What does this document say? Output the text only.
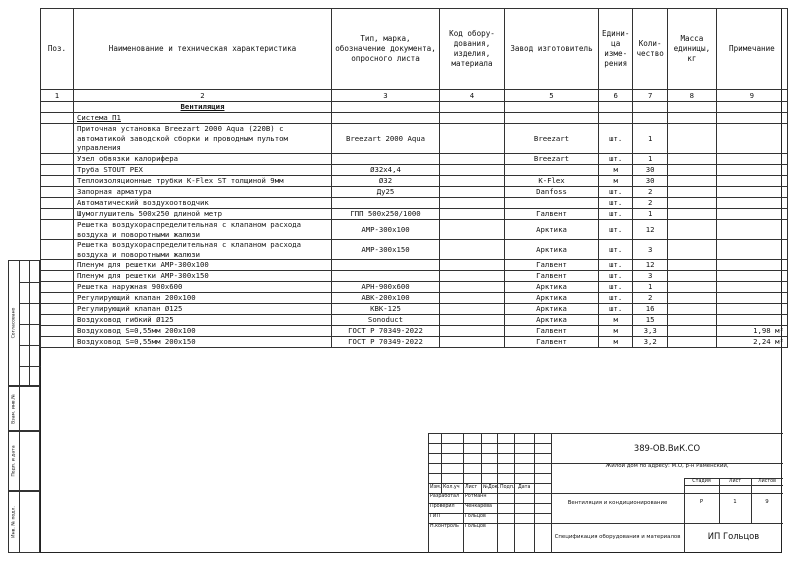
Поз.	Наименование и техническая характеристика	Тип, марка, обозначение документа, опросного листа	Код обору- дования, изделия, материала	Завод изготовитель	Едини- ца изме- рения	Коли- чество	Масса единицы, кг	Примечание
1	2	3	4	5	6	7	8	9
	Вентиляция							
	Система П1							
	Приточная установка Breezart 2000 Aqua (220В) с автоматикой заводской сборки и проводным пультом управления	Breezart 2000 Aqua		Breezart	шт.	1		
	Узел обвязки калорифера			Breezart	шт.	1		
	Труба STOUT PEX	Ø32х4,4			м	30		
	Теплоизоляционные трубки K-Flex ST толщиной 9мм	Ø32		K-Flex	м	30		
	Запорная арматура	Ду25		Danfoss	шт.	2		
	Автоматический воздухоотводчик				шт.	2		
	Шумоглушитель 500х250 длиной метр	ГПП 500х250/1000		Галвент	шт.	1		
	Решетка воздухораспределительная с клапаном расхода воздуха и поворотными жалюзи	АМР-300х100		Арктика	шт.	12		
	Решетка воздухораспределительная с клапаном расхода воздуха и поворотными жалюзи	АМР-300х150		Арктика	шт.	3		
	Пленум для решетки АМР-300х100			Галвент	шт.	12		
	Пленум для решетки АМР-300х150			Галвент	шт.	3		
	Решетка наружная 900х600	АРН-900х600		Арктика	шт.	1		
	Регулирующий клапан 200х100	АВК-200х100		Арктика	шт.	2		
	Регулирующий клапан Ø125	KBK-125		Арктика	шт.	16		
	Воздуховод гибкий Ø125	Sonoduct		Арктика	м	15		
	Воздуховод S=0,55мм 200х100	ГОСТ Р 70349-2022		Галвент	м	3,3		1,98 м²
	Воздуховод S=0,55мм 200х150	ГОСТ Р 70349-2022		Галвент	м	3,2		2,24 м²
Согласовано
Взам. инв.№
Подп. и дата
Инв. № подл.
Изм. Кол.уч Лист №Док. Подп. Дата
Разработал Ротманн
Проверил Ченкарёва
ГИП	Гольцов
Н.контроль Гольцов
389-ОВ.ВиК.СО
Жилой дом по адресу: М.О, р-н Раменский,
Вентиляция и кондиционирование
Спецификация оборудования и материалов	ИП Гольцов
Стадия	Лист	Листов
Р	1	9
